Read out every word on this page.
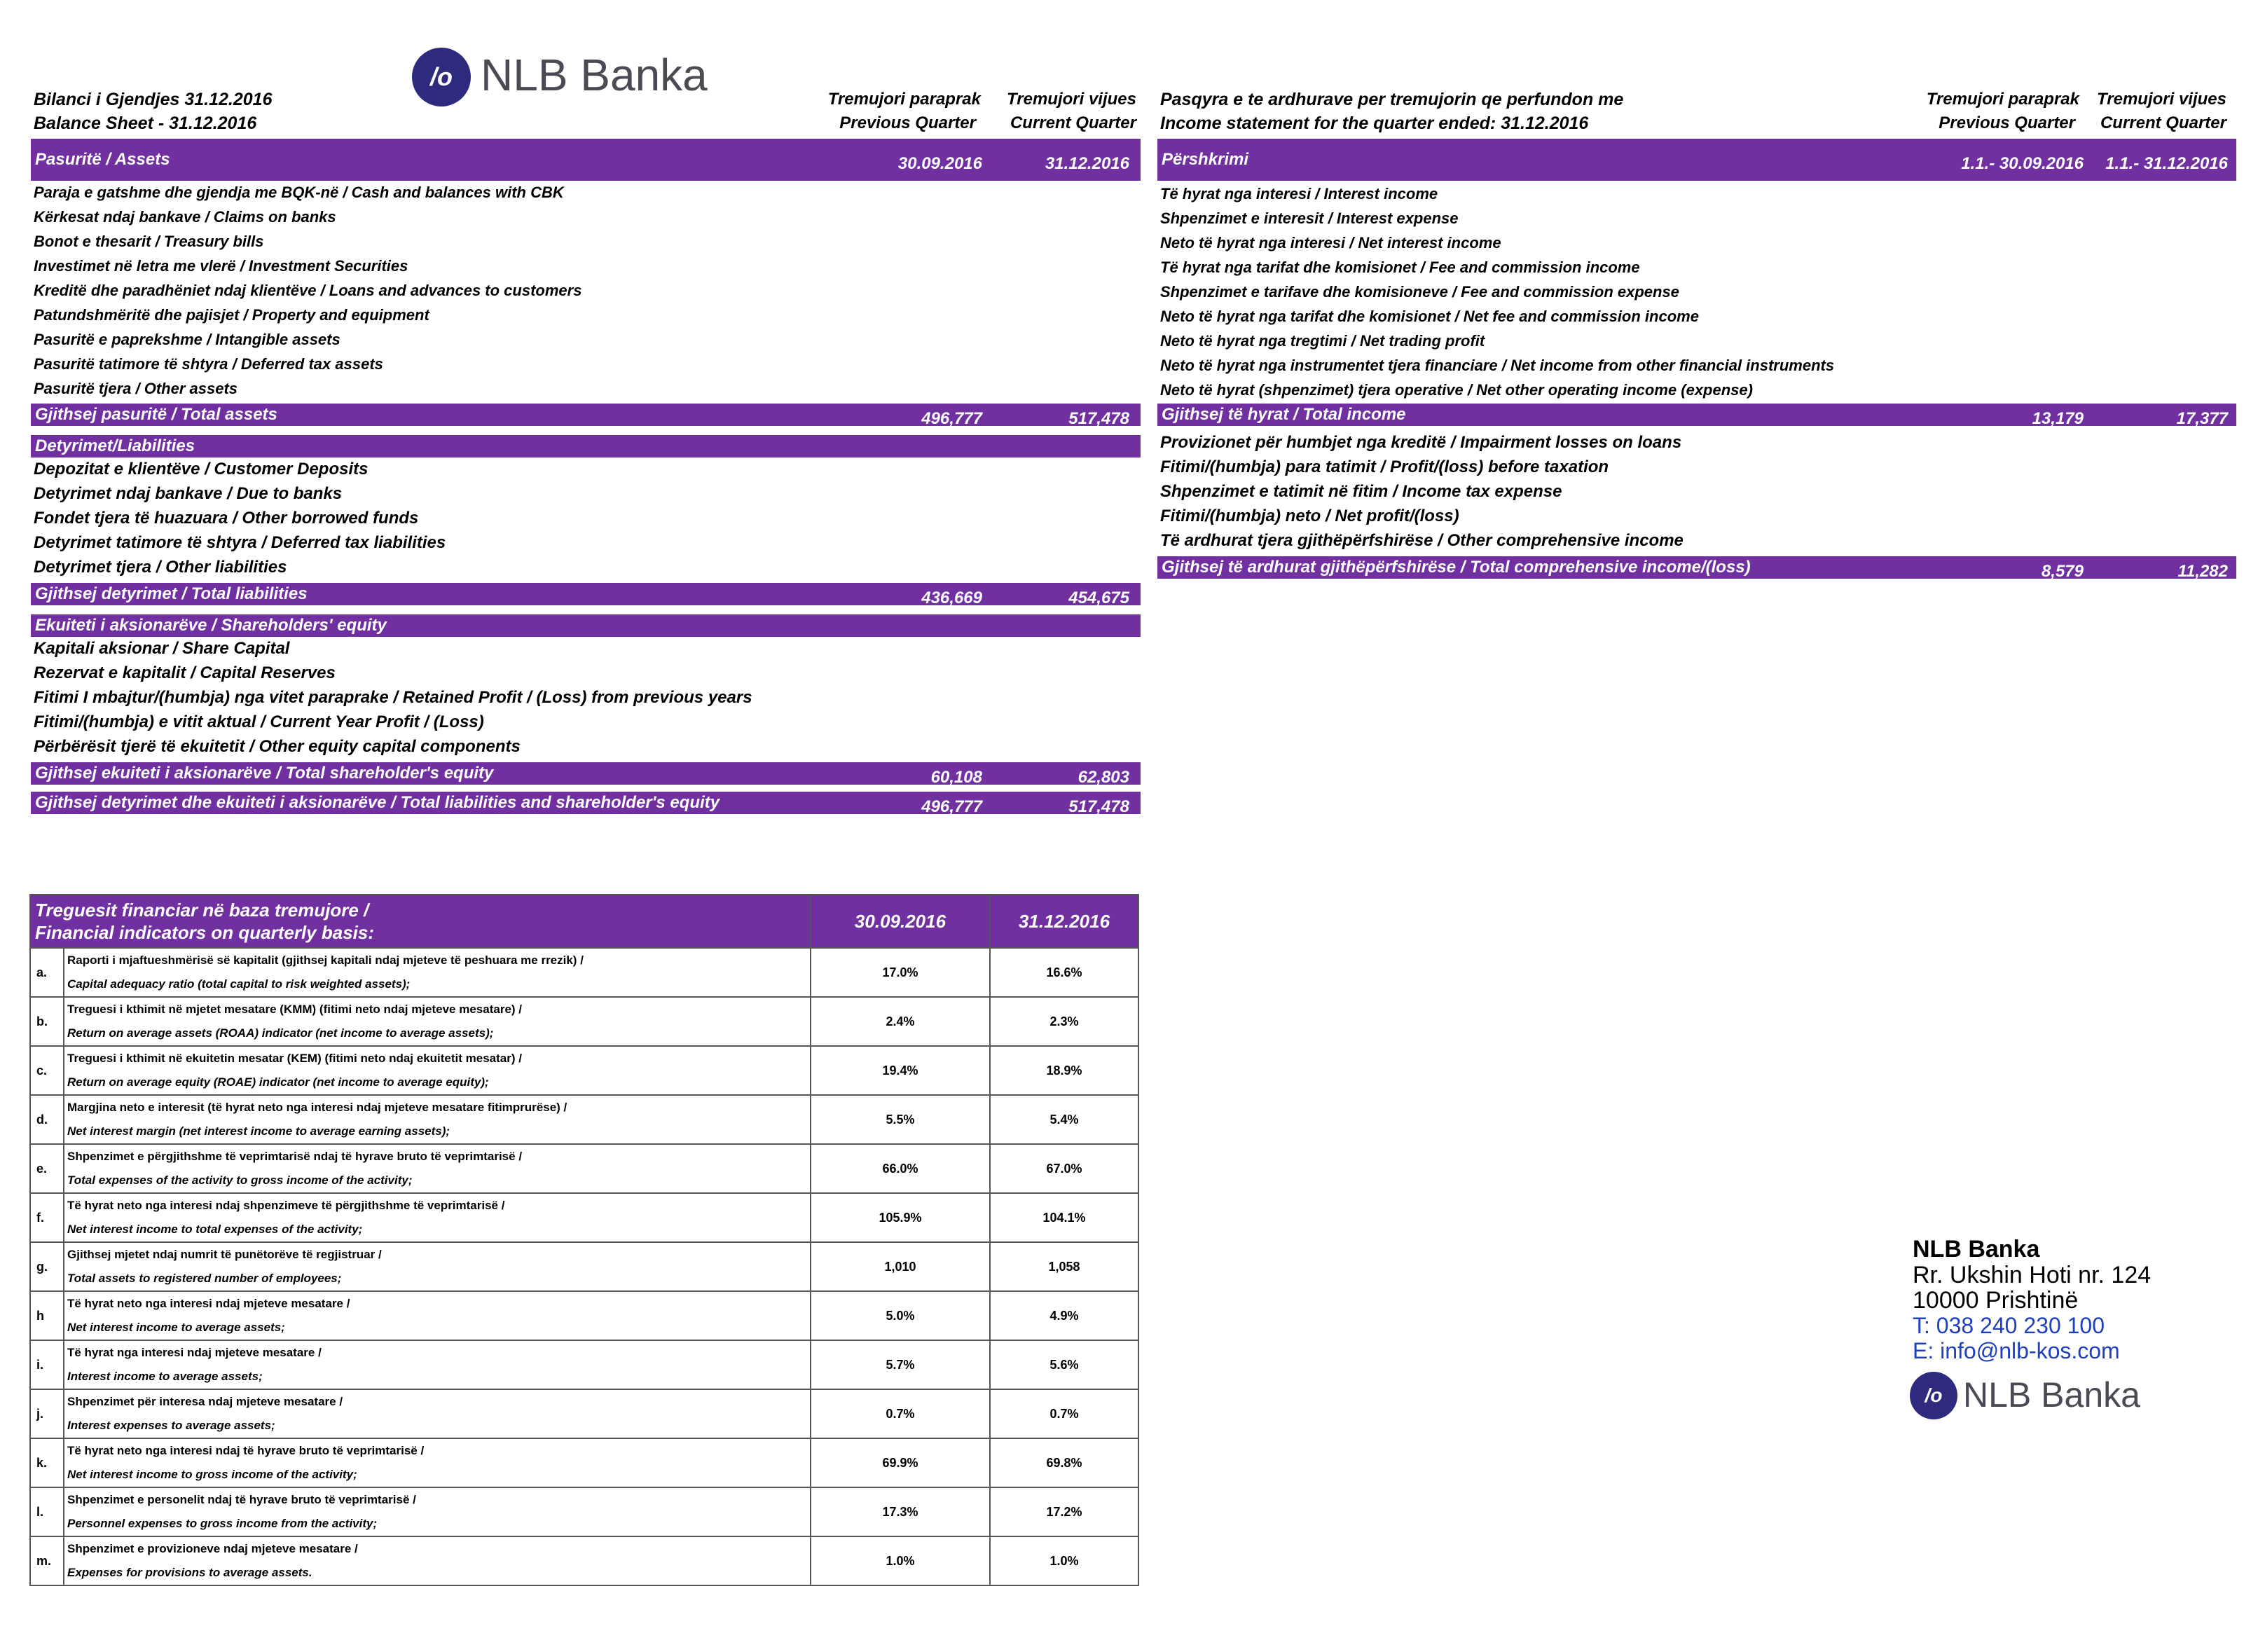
/o NLB Banka
Bilanci i Gjendjes 31.12.2016
Balance Sheet - 31.12.2016
Tremujori paraprak
Previous Quarter
Tremujori vijues
Current Quarter
Pasuritë / Assets	30.09.2016	31.12.2016
Paraja e gatshme dhe gjendja me BQK-në / Cash and balances with CBK
Kërkesat ndaj bankave / Claims on banks
Bonot e thesarit / Treasury bills
Investimet në letra me vlerë / Investment Securities
Kreditë dhe paradhëniet ndaj klientëve / Loans and advances to customers
Patundshmëritë dhe pajisjet / Property and equipment
Pasuritë e paprekshme / Intangible assets
Pasuritë tatimore të shtyra / Deferred tax assets
Pasuritë tjera / Other assets
Gjithsej pasuritë / Total assets	496,777	517,478
Detyrimet/Liabilities
Depozitat e klientëve / Customer Deposits
Detyrimet ndaj bankave / Due to banks
Fondet tjera të huazuara / Other borrowed funds
Detyrimet tatimore të shtyra / Deferred tax liabilities
Detyrimet tjera / Other liabilities
Gjithsej detyrimet / Total liabilities	436,669	454,675
Ekuiteti i aksionarëve / Shareholders' equity
Kapitali aksionar / Share Capital
Rezervat e kapitalit / Capital Reserves
Fitimi I mbajtur/(humbja) nga vitet paraprake / Retained Profit / (Loss) from previous years
Fitimi/(humbja) e vitit aktual / Current Year Profit / (Loss)
Përbërësit tjerë të ekuitetit / Other equity capital components
Gjithsej ekuiteti i aksionarëve / Total shareholder's equity	60,108	62,803
Gjithsej detyrimet dhe ekuiteti i aksionarëve / Total liabilities and shareholder's equity	496,777	517,478
Pasqyra e te ardhurave per tremujorin qe perfundon me
Income statement for the quarter ended: 31.12.2016
Tremujori paraprak
Previous Quarter
Tremujori vijues
Current Quarter
Përshkrimi	1.1.- 30.09.2016 1.1.- 31.12.2016
Të hyrat nga interesi / Interest income
Shpenzimet e interesit / Interest expense
Neto të hyrat nga interesi / Net interest income
Të hyrat nga tarifat dhe komisionet / Fee and commission income
Shpenzimet e tarifave dhe komisioneve / Fee and commission expense
Neto të hyrat nga tarifat dhe komisionet / Net fee and commission income
Neto të hyrat nga tregtimi / Net trading profit
Neto të hyrat nga instrumentet tjera financiare / Net income from other financial instruments
Neto të hyrat (shpenzimet) tjera operative / Net other operating income (expense)
Gjithsej të hyrat / Total income	13,179	17,377
Provizionet për humbjet nga kreditë / Impairment losses on loans
Fitimi/(humbja) para tatimit / Profit/(loss) before taxation
Shpenzimet e tatimit në fitim / Income tax expense
Fitimi/(humbja) neto / Net profit/(loss)
Të ardhurat tjera gjithëpërfshirëse / Other comprehensive income
Gjithsej të ardhurat gjithëpërfshirëse / Total comprehensive income/(loss)	8,579	11,282
Treguesit financiar në baza tremujore /
Financial indicators on quarterly basis:		30.09.2016	31.12.2016
a.	Raporti i mjaftueshmërisë së kapitalit (gjithsej kapitali ndaj mjeteve të peshuara me rrezik) /
Capital adequacy ratio (total capital to risk weighted assets);	17.0%	16.6%
b.	Treguesi i kthimit në mjetet mesatare (KMM) (fitimi neto ndaj mjeteve mesatare) /
Return on average assets (ROAA) indicator (net income to average assets);	2.4%	2.3%
c.	Treguesi i kthimit në ekuitetin mesatar (KEM) (fitimi neto ndaj ekuitetit mesatar) /
Return on average equity (ROAE) indicator (net income to average equity);	19.4%	18.9%
d.	Margjina neto e interesit (të hyrat neto nga interesi ndaj mjeteve mesatare fitimprurëse) /
Net interest margin (net interest income to average earning assets);	5.5%	5.4%
e.	Shpenzimet e përgjithshme të veprimtarisë ndaj të hyrave bruto të veprimtarisë /
Total expenses of the activity to gross income of the activity;	66.0%	67.0%
f.	Të hyrat neto nga interesi ndaj shpenzimeve të përgjithshme të veprimtarisë /
Net interest income to total expenses of the activity;	105.9%	104.1%
g.	Gjithsej mjetet ndaj numrit të punëtorëve të regjistruar /
Total assets to registered number of employees;	1,010	1,058
h	Të hyrat neto nga interesi ndaj mjeteve mesatare /
Net interest income to average assets;	5.0%	4.9%
i.	Të hyrat nga interesi ndaj mjeteve mesatare /
Interest income to average assets;	5.7%	5.6%
j.	Shpenzimet për interesa ndaj mjeteve mesatare /
Interest expenses to average assets;	0.7%	0.7%
k.	Të hyrat neto nga interesi ndaj të hyrave bruto të veprimtarisë /
Net interest income to gross income of the activity;	69.9%	69.8%
l.	Shpenzimet e personelit ndaj të hyrave bruto të veprimtarisë /
Personnel expenses to gross income from the activity;	17.3%	17.2%
m.	Shpenzimet e provizioneve ndaj mjeteve mesatare /
Expenses for provisions to average assets.	1.0%	1.0%
NLB Banka
Rr. Ukshin Hoti nr. 124
10000 Prishtinë
T: 038 240 230 100
E: info@nlb-kos.com
/o NLB Banka
